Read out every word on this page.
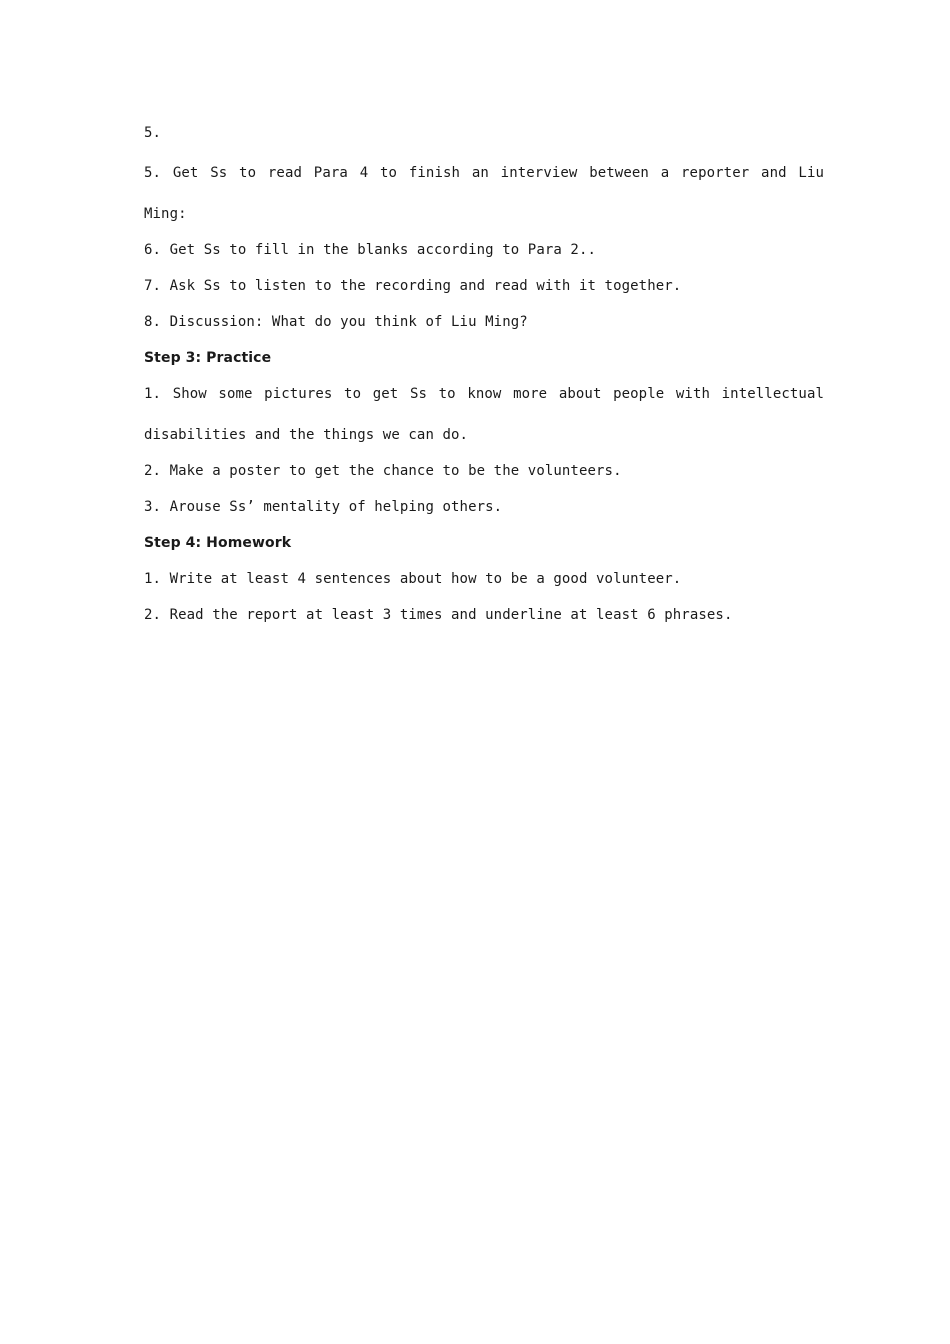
5.
5. Get Ss to read Para 4 to finish an interview between a reporter and Liu
Ming:
6. Get Ss to fill in the blanks according to Para 2..
7. Ask Ss to listen to the recording and read with it together.
8. Discussion: What do you think of Liu Ming?
Step 3: Practice
1. Show some pictures to get Ss to know more about people with intellectual
disabilities and the things we can do.
2. Make a poster to get the chance to be the volunteers.
3. Arouse Ss’ mentality of helping others.
Step 4: Homework
1. Write at least 4 sentences about how to be a good volunteer.
2. Read the report at least 3 times and underline at least 6 phrases.
